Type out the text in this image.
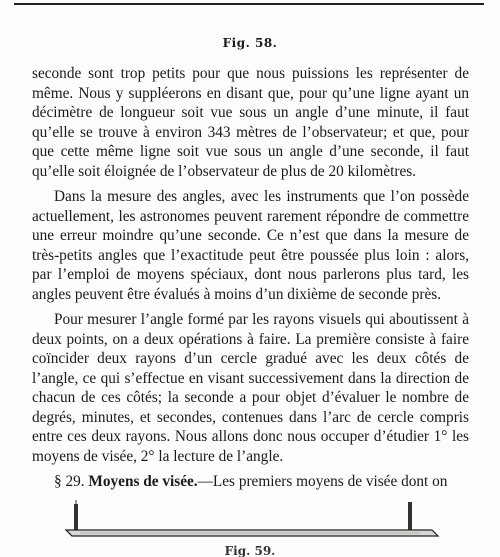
Fig. 58.

seconde sont trop petits pour que nous puissions les représenter de même. Nous y suppléerons en disant que, pour qu’une ligne ayant un décimètre de longueur soit vue sous un angle d’une minute, il faut qu’elle se trouve à environ 343 mètres de l’observateur; et que, pour que cette même ligne soit vue sous un angle d’une seconde, il faut qu’elle soit éloignée de l’observateur de plus de 20 kilomètres.

Dans la mesure des angles, avec les instruments que l’on possède actuellement, les astronomes peuvent rarement répondre de commettre une erreur moindre qu’une seconde. Ce n’est que dans la mesure de très-petits angles que l’exactitude peut être poussée plus loin : alors, par l’emploi de moyens spéciaux, dont nous parlerons plus tard, les angles peuvent être évalués à moins d’un dixième de seconde près.

Pour mesurer l’angle formé par les rayons visuels qui aboutissent à deux points, on a deux opérations à faire. La première consiste à faire coïncider deux rayons d’un cercle gradué avec les deux côtés de l’angle, ce qui s’effectue en visant successivement dans la direction de chacun de ces côtés; la seconde a pour objet d’évaluer le nombre de degrés, minutes, et secondes, contenues dans l’arc de cercle compris entre ces deux rayons. Nous allons donc nous occuper d’étudier 1° les moyens de visée, 2° la lecture de l’angle.

§ 29. Moyens de visée.—Les premiers moyens de visée dont on
Fig. 59.
